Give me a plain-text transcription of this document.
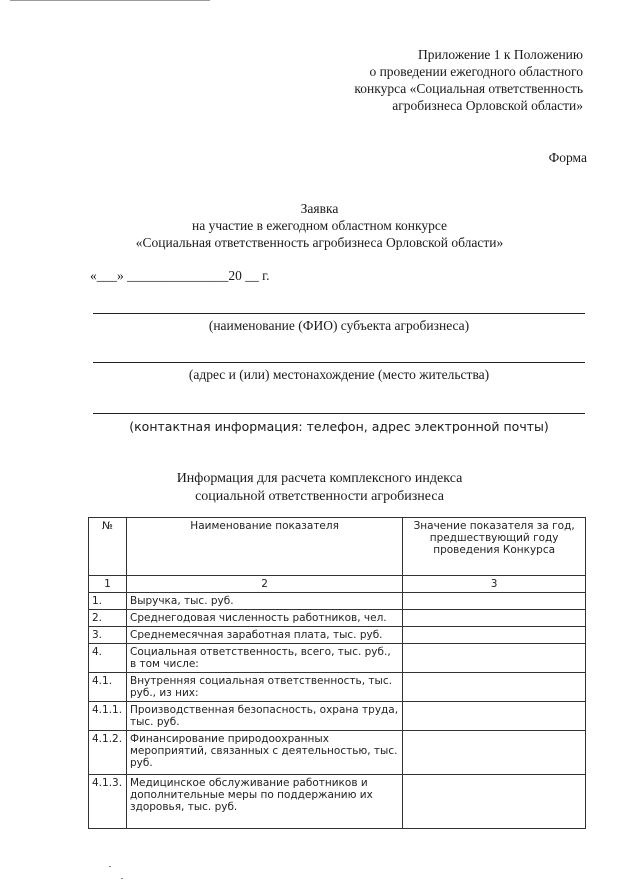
Приложение 1 к Положению
о проведении ежегодного областного
конкурса «Социальная ответственность
агробизнеса Орловской области»
Форма
Заявка
на участие в ежегодном областном конкурсе
«Социальная ответственность агробизнеса Орловской области»
«___» _______________20 __ г.
(наименование (ФИО) субъекта агробизнеса)
(адрес и (или) местонахождение (место жительства)
(контактная информация: телефон, адрес электронной почты)
Информация для расчета комплексного индекса
социальной ответственности агробизнеса
№	Наименование показателя	Значение показателя за год, предшествующий году проведения Конкурса
1	2	3
1.	Выручка, тыс. руб.	
2.	Среднегодовая численность работников, чел.	
3.	Среднемесячная заработная плата, тыс. руб.	
4.	Социальная ответственность, всего, тыс. руб., в том числе:	
4.1.	Внутренняя социальная ответственность, тыс. руб., из них:	
4.1.1.	Производственная безопасность, охрана труда, тыс. руб.	
4.1.2.	Финансирование природоохранных мероприятий, связанных с деятельностью, тыс. руб.	
4.1.3.	Медицинское обслуживание работников и дополнительные меры по поддержанию их здоровья, тыс. руб.	
